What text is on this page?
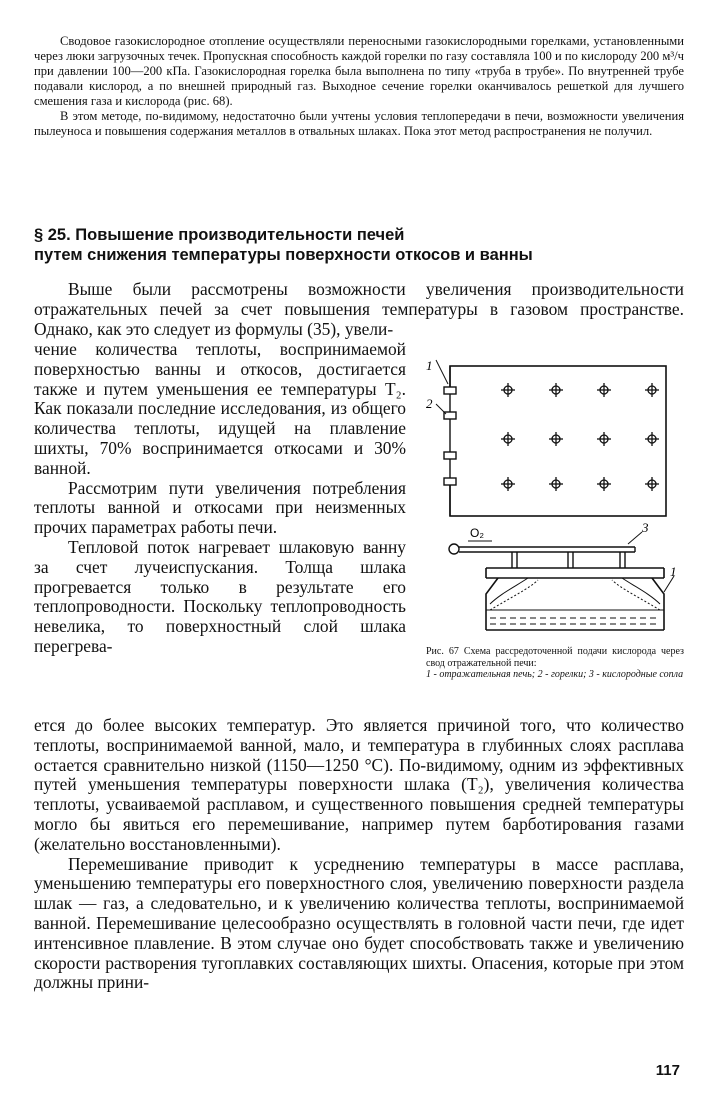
Сводовое газокислородное отопление осуществляли переносными газокислородными горелками, установленными через люки загрузочных течек. Пропускная способность каждой горелки по газу составляла 100 и по кислороду 200 м³/ч при давлении 100—200 кПа. Газокислородная горелка была выполнена по типу «труба в трубе». По внутренней трубе подавали кислород, а по внешней природный газ. Выходное сечение горелки оканчивалось решеткой для лучшего смешения газа и кислорода (рис. 68).

В этом методе, по-видимому, недостаточно были учтены условия теплопередачи в печи, возможности увеличения пылеуноса и повышения содержания металлов в отвальных шлаках. Пока этот метод распространения не получил.

§ 25. Повышение производительности печей
путем снижения температуры поверхности откосов и ванны

Выше были рассмотрены возможности увеличения производительности отражательных печей за счет повышения температуры в газовом пространстве. Однако, как это следует из формулы (35), увели-

чение количества теплоты, воспринимаемой поверхностью ванны и откосов, достигается также и путем уменьшения ее температуры T₂. Как показали последние исследования, из общего количества теплоты, идущей на плавление шихты, 70% воспринимается откосами и 30% ванной.

Рассмотрим пути увеличения потребления теплоты ванной и откосами при неизменных прочих параметрах работы печи.

Тепловой поток нагревает шлаковую ванну за счет лучеиспускания. Толща шлака прогревается только в результате его теплопроводности. Поскольку теплопроводность невелика, то поверхностный слой шлака перегрева-

1
2
O₂	3
1
Рис. 67 Схема рассредоточенной подачи кислорода через свод отражательной печи:
1 - отражательная печь; 2 - горелки; 3 - кислородные сопла

ется до более высоких температур. Это является причиной того, что количество теплоты, воспринимаемой ванной, мало, и температура в глубинных слоях расплава остается сравнительно низкой (1150—1250 °С). По-видимому, одним из эффективных путей уменьшения температуры поверхности шлака (T₂), увеличения количества теплоты, усваиваемой расплавом, и существенного повышения средней температуры могло бы явиться его перемешивание, например путем барботирования газами (желательно восстановленными).

Перемешивание приводит к усреднению температуры в массе расплава, уменьшению температуры его поверхностного слоя, увеличению поверхности раздела шлак — газ, а следовательно, и к увеличению количества теплоты, воспринимаемой ванной. Перемешивание целесообразно осуществлять в головной части печи, где идет интенсивное плавление. В этом случае оно будет способствовать также и увеличению скорости растворения тугоплавких составляющих шихты. Опасения, которые при этом должны прини-

117
